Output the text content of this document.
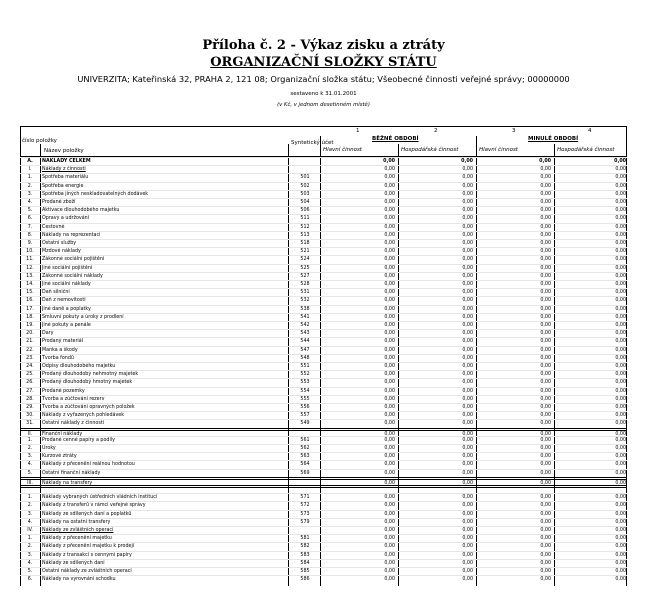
Příloha č. 2 - Výkaz zisku a ztráty
ORGANIZAČNÍ SLOŽKY STÁTU
UNIVERZITA; Kateřinská 32, PRAHA 2, 121 08; Organizační složka státu; Všeobecné činnosti veřejné správy; 00000000
sestaveno k 31.01.2001
(v Kč, v jednom desetinném místě)
číslo položky
Název položky
Syntetický účet
1	2	3	4
BĚŽNÉ OBDOBÍ	MINULÉ OBDOBÍ
Hlavní činnost	Hospodářská činnost	Hlavní činnost	Hospodářská činnost
A.	NÁKLADY CELKEM	0,00	0,00	0,00	0,00
I.	Náklady z činnosti	0,00	0,00	0,00	0,00
1.	Spotřeba materiálu	501	0,00	0,00	0,00	0,00
2.	Spotřeba energie	502	0,00	0,00	0,00	0,00
3.	Spotřeba jiných neskladovatelných dodávek	503	0,00	0,00	0,00	0,00
4.	Prodané zboží	504	0,00	0,00	0,00	0,00
5.	Aktivace dlouhodobého majetku	506	0,00	0,00	0,00	0,00
6.	Opravy a udržování	511	0,00	0,00	0,00	0,00
7.	Cestovné	512	0,00	0,00	0,00	0,00
8.	Náklady na reprezentaci	513	0,00	0,00	0,00	0,00
9.	Ostatní služby	518	0,00	0,00	0,00	0,00
10.	Mzdové náklady	521	0,00	0,00	0,00	0,00
11.	Zákonné sociální pojištění	524	0,00	0,00	0,00	0,00
12.	Jiné sociální pojištění	525	0,00	0,00	0,00	0,00
13.	Zákonné sociální náklady	527	0,00	0,00	0,00	0,00
14.	Jiné sociální náklady	528	0,00	0,00	0,00	0,00
15.	Daň silniční	531	0,00	0,00	0,00	0,00
16.	Daň z nemovitostí	532	0,00	0,00	0,00	0,00
17.	Jiné daně a poplatky	538	0,00	0,00	0,00	0,00
18.	Smluvní pokuty a úroky z prodlení	541	0,00	0,00	0,00	0,00
19.	Jiné pokuty a penále	542	0,00	0,00	0,00	0,00
20.	Dary	543	0,00	0,00	0,00	0,00
21.	Prodaný materiál	544	0,00	0,00	0,00	0,00
22.	Manka a škody	547	0,00	0,00	0,00	0,00
23.	Tvorba fondů	548	0,00	0,00	0,00	0,00
24.	Odpisy dlouhodobého majetku	551	0,00	0,00	0,00	0,00
25.	Prodaný dlouhodobý nehmotný majetek	552	0,00	0,00	0,00	0,00
26.	Prodaný dlouhodobý hmotný majetek	553	0,00	0,00	0,00	0,00
27.	Prodané pozemky	554	0,00	0,00	0,00	0,00
28.	Tvorba a zúčtování rezerv	555	0,00	0,00	0,00	0,00
29.	Tvorba a zúčtování opravných položek	556	0,00	0,00	0,00	0,00
30.	Náklady z vyřazených pohledávek	557	0,00	0,00	0,00	0,00
31.	Ostatní náklady z činnosti	549	0,00	0,00	0,00	0,00
II.	Finanční náklady	0,00	0,00	0,00	0,00
1.	Prodané cenné papíry a podíly	561	0,00	0,00	0,00	0,00
2.	Úroky	562	0,00	0,00	0,00	0,00
3.	Kurzové ztráty	563	0,00	0,00	0,00	0,00
4.	Náklady z přecenění reálnou hodnotou	564	0,00	0,00	0,00	0,00
5.	Ostatní finanční náklady	569	0,00	0,00	0,00	0,00
III.	Náklady na transfery	0,00	0,00	0,00	0,00
1.	Náklady vybraných ústředních vládních institucí	571	0,00	0,00	0,00	0,00
2.	Náklady z transferů v rámci veřejné správy	572	0,00	0,00	0,00	0,00
3.	Náklady ze sdílených daní a poplatků	573	0,00	0,00	0,00	0,00
4.	Náklady na ostatní transfery	579	0,00	0,00	0,00	0,00
IV.	Náklady ze zvláštních operací	0,00	0,00	0,00	0,00
1.	Náklady z přecenění majetku	581	0,00	0,00	0,00	0,00
2.	Náklady z přecenění majetku k prodeji	582	0,00	0,00	0,00	0,00
3.	Náklady z transakcí s cennými papíry	583	0,00	0,00	0,00	0,00
4.	Náklady ze sdílených daní	584	0,00	0,00	0,00	0,00
5.	Ostatní náklady ze zvláštních operací	585	0,00	0,00	0,00	0,00
6.	Náklady na vyrovnání schodku	586	0,00	0,00	0,00	0,00
